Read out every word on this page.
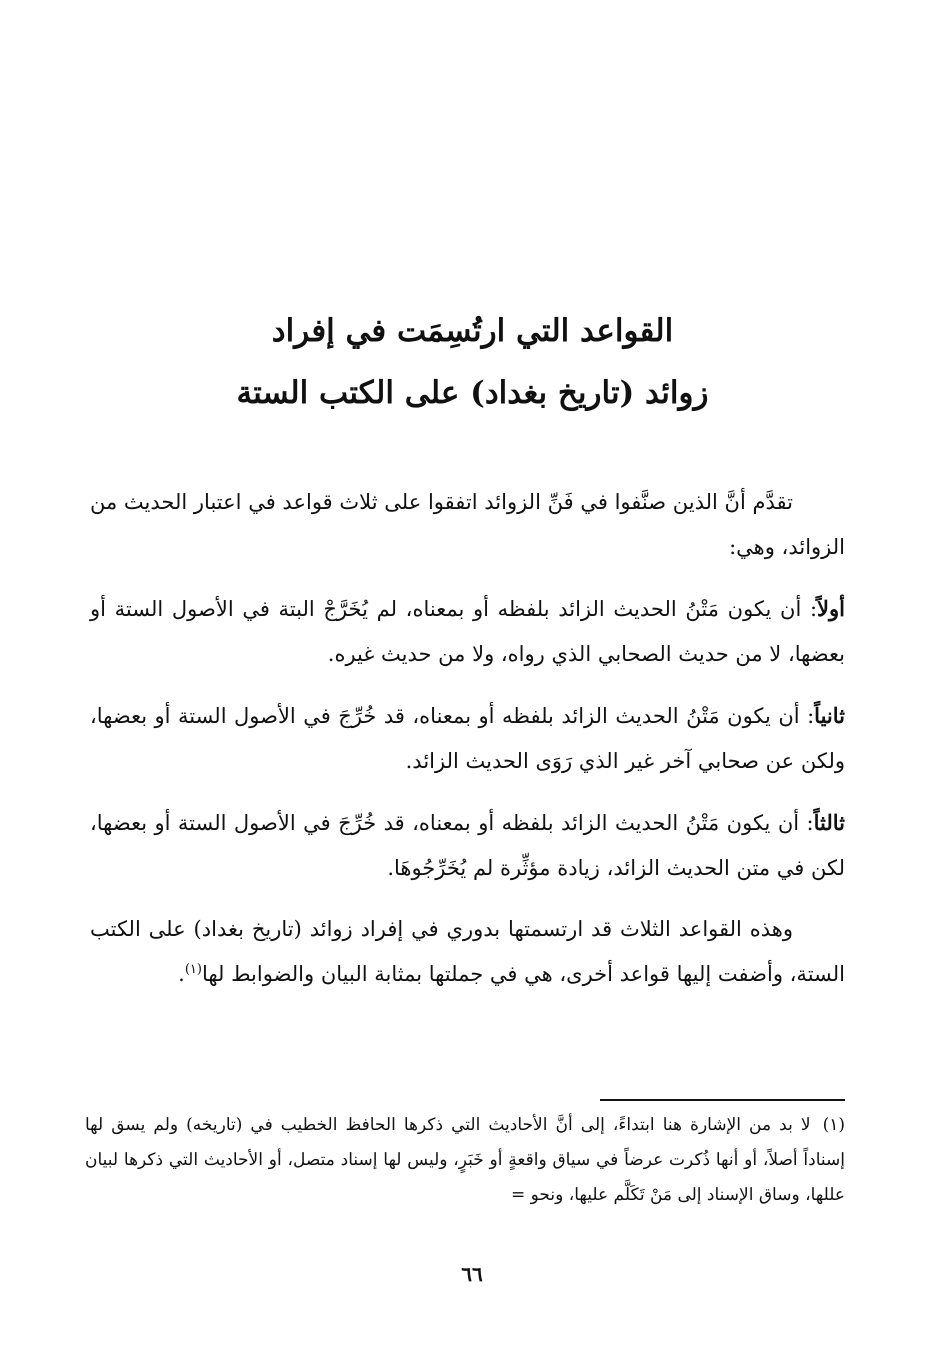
القواعد التي ارتُسِمَت في إفراد
زوائد (تاريخ بغداد) على الكتب الستة

تقدَّم أنَّ الذين صنَّفوا في فَنِّ الزوائد اتفقوا على ثلاث قواعد في اعتبار الحديث من الزوائد، وهي:

أولاً: أن يكون مَتْنُ الحديث الزائد بلفظه أو بمعناه، لم يُخَرَّجْ البتة في الأصول الستة أو بعضها، لا من حديث الصحابي الذي رواه، ولا من حديث غيره.

ثانياً: أن يكون مَتْنُ الحديث الزائد بلفظه أو بمعناه، قد خُرِّجَ في الأصول الستة أو بعضها، ولكن عن صحابي آخر غير الذي رَوَى الحديث الزائد.

ثالثاً: أن يكون مَتْنُ الحديث الزائد بلفظه أو بمعناه، قد خُرِّجَ في الأصول الستة أو بعضها، لكن في متن الحديث الزائد، زيادة مؤثِّرة لم يُخَرِّجُوهَا.

وهذه القواعد الثلاث قد ارتسمتها بدوري في إفراد زوائد (تاريخ بغداد) على الكتب الستة، وأضفت إليها قواعد أخرى، هي في جملتها بمثابة البيان والضوابط لها$^{(١)}$.

(١)لا بد من الإشارة هنا ابتداءً، إلى أنَّ الأحاديث التي ذكرها الحافظ الخطيب في (تاريخه) ولم يسق لها إسناداً أصلاً، أو أنها ذُكرت عرضاً في سياق واقعةٍ أو خَبَرٍ، وليس لها إسناد متصل، أو الأحاديث التي ذكرها لبيان عللها، وساق الإسناد إلى مَنْ تَكَلَّم عليها، ونحو =
٦٦
